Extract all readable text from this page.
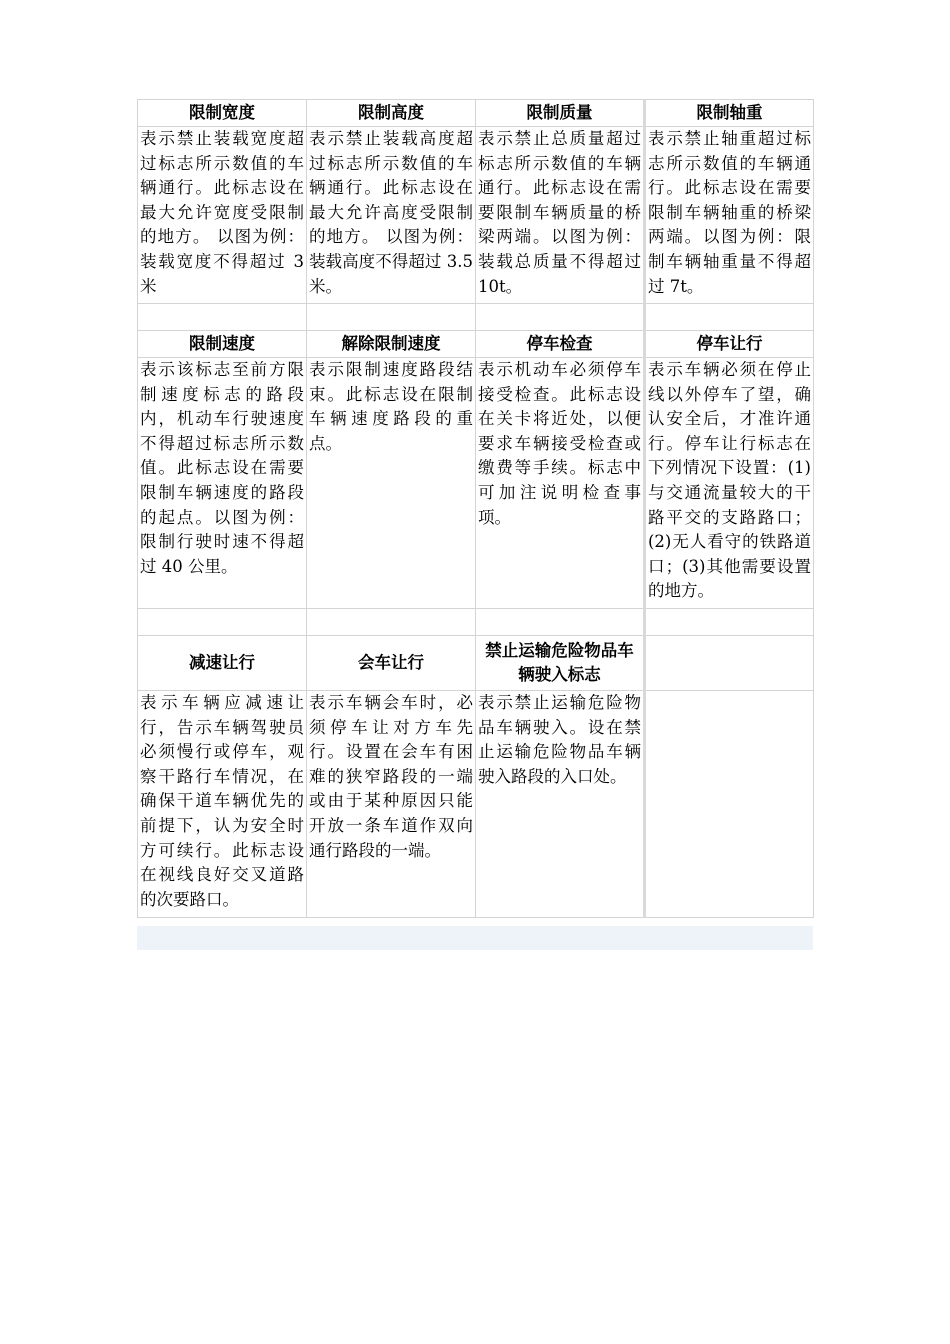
限制宽度	限制高度	限制质量	限制轴重
表示禁止装载宽度超过标志所示数值的车辆通行。此标志设在最大允许宽度受限制的地方。 以图为例：装载宽度不得超过 3 米	表示禁止装载高度超过标志所示数值的车辆通行。此标志设在最大允许高度受限制的地方。 以图为例：装载高度不得超过 3.5 米。	表示禁止总质量超过标志所示数值的车辆通行。此标志设在需要限制车辆质量的桥梁两端。以图为例：装载总质量不得超过 10t。	表示禁止轴重超过标志所示数值的车辆通行。此标志设在需要限制车辆轴重的桥梁两端。以图为例：限制车辆轴重量不得超过 7t。

限制速度	解除限制速度	停车检查	停车让行
表示该标志至前方限制速度标志的路段内，机动车行驶速度不得超过标志所示数值。此标志设在需要限制车辆速度的路段的起点。以图为例：限制行驶时速不得超过 40 公里。	表示限制速度路段结束。此标志设在限制车辆速度路段的重点。	表示机动车必须停车接受检查。此标志设在关卡将近处，以便要求车辆接受检查或缴费等手续。标志中可加注说明检查事项。	表示车辆必须在停止线以外停车了望，确认安全后，才准许通行。停车让行标志在下列情况下设置：(1)与交通流量较大的干路平交的支路路口；(2)无人看守的铁路道口；(3)其他需要设置的地方。

减速让行	会车让行	禁止运输危险物品车辆驶入标志	
表示车辆应减速让行，告示车辆驾驶员必须慢行或停车，观察干路行车情况，在确保干道车辆优先的前提下，认为安全时方可续行。此标志设在视线良好交叉道路的次要路口。	表示车辆会车时，必须停车让对方车先行。设置在会车有困难的狭窄路段的一端或由于某种原因只能开放一条车道作双向通行路段的一端。	表示禁止运输危险物品车辆驶入。设在禁止运输危险物品车辆驶入路段的入口处。	
